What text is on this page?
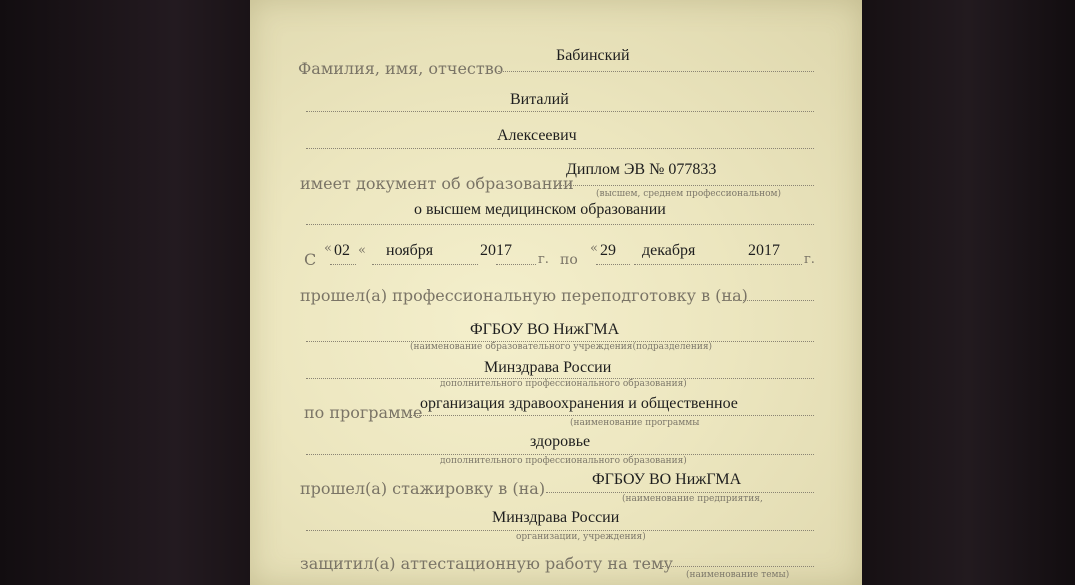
Фамилия, имя, отчество
Бабинский
Виталий
Алексеевич
имеет документ об образовании
Диплом ЭВ № 077833
(высшем, среднем профессиональном)
о высшем медицинском образовании
С
« 02 « ноября	2017
г. по
« 29 декабря	2017
г.
прошел(а) профессиональную переподготовку в (на)
ФГБОУ ВО НижГМА
(наименование образовательного учреждения(подразделения)
Минздрава России
дополнительного профессионального образования)
по программе
организация здравоохранения и общественное
(наименование программы
здоровье
дополнительного профессионального образования)
прошел(а) стажировку в (на)	ФГБОУ ВО НижГМА
(наименование предприятия,
Минздрава России
организации, учреждения)
защитил(а) аттестационную работу на тему
(наименование темы)
